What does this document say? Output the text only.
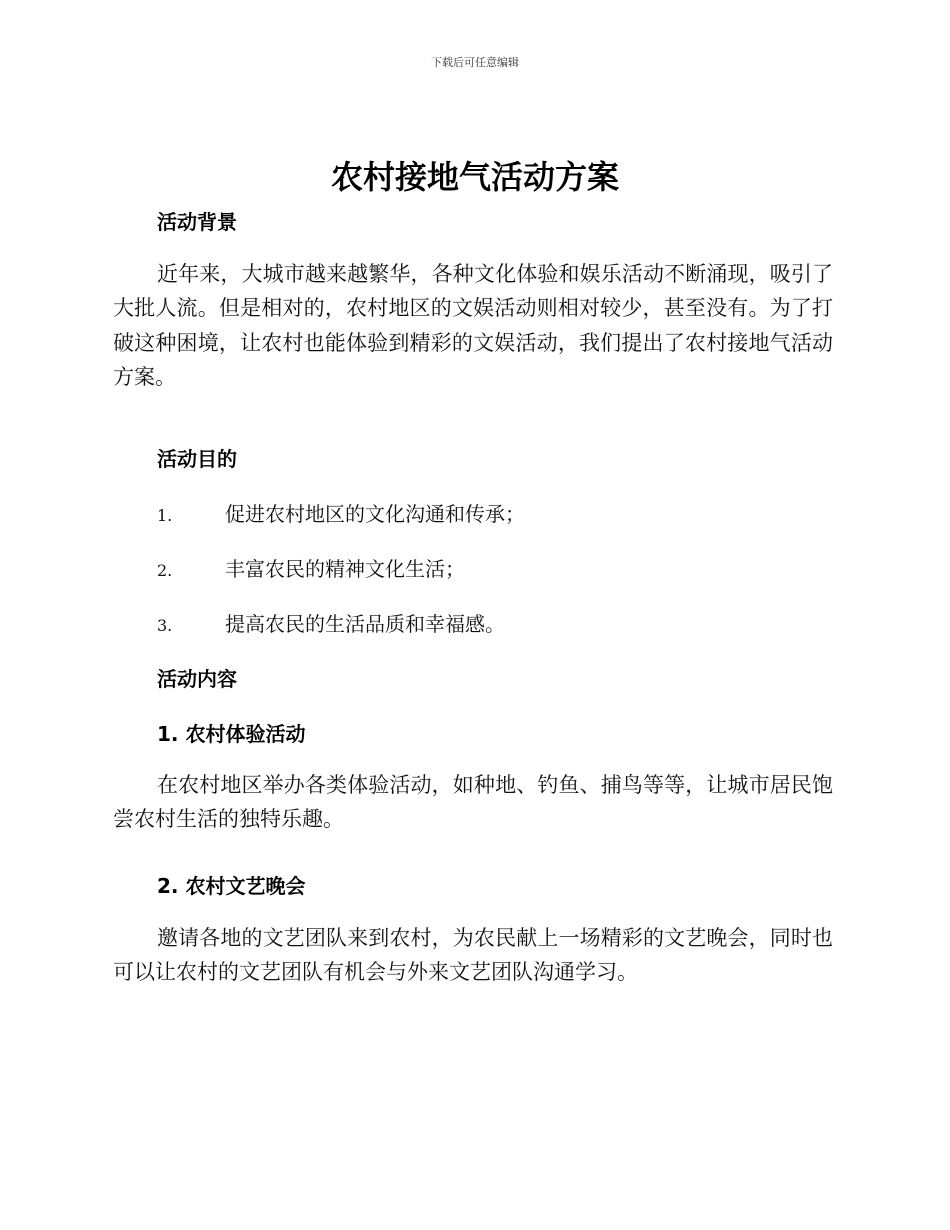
下载后可任意编辑
农村接地气活动方案
活动背景

近年来，大城市越来越繁华，各种文化体验和娱乐活动不断涌现，吸引了大批人流。但是相对的，农村地区的文娱活动则相对较少，甚至没有。为了打破这种困境，让农村也能体验到精彩的文娱活动，我们提出了农村接地气活动方案。

活动目的
1.	促进农村地区的文化沟通和传承；
2.	丰富农民的精神文化生活；
3.	提高农民的生活品质和幸福感。
活动内容
1. 农村体验活动

在农村地区举办各类体验活动，如种地、钓鱼、捕鸟等等，让城市居民饱尝农村生活的独特乐趣。

2. 农村文艺晚会

邀请各地的文艺团队来到农村，为农民献上一场精彩的文艺晚会，同时也可以让农村的文艺团队有机会与外来文艺团队沟通学习。
